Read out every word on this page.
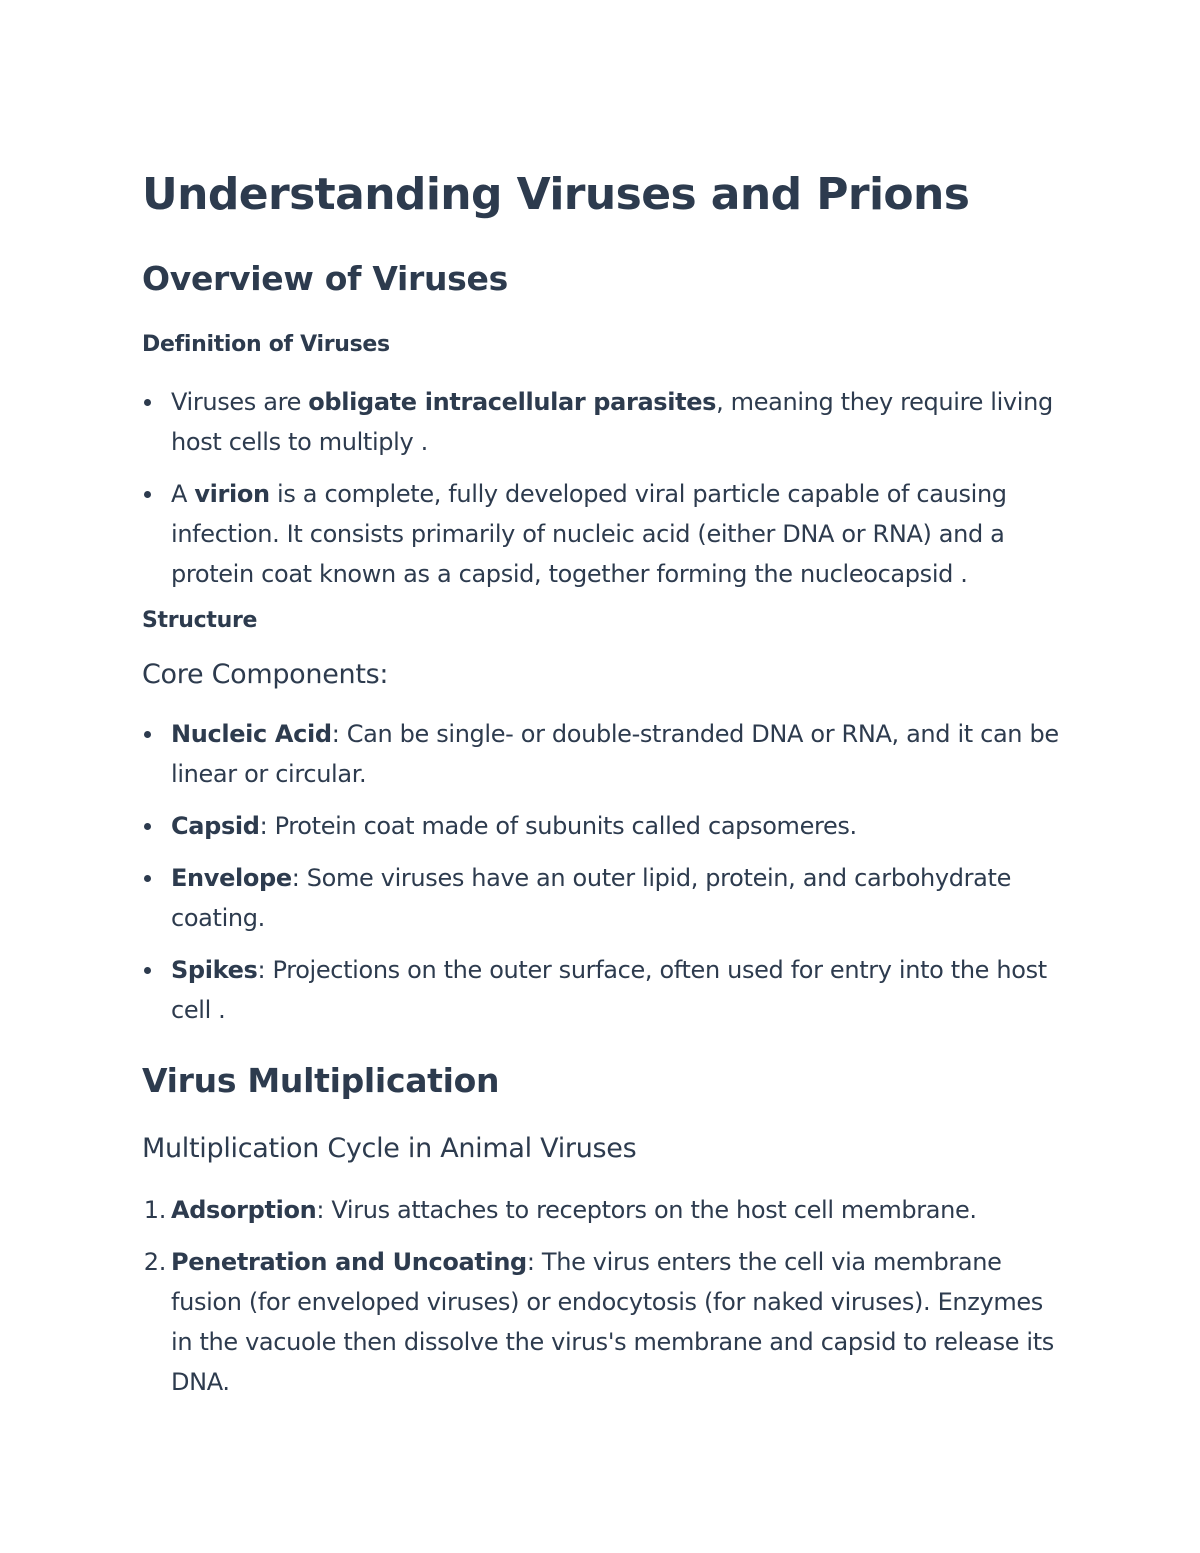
Understanding Viruses and Prions
Overview of Viruses
Definition of Viruses
Viruses are obligate intracellular parasites, meaning they require living host cells to multiply .
A virion is a complete, fully developed viral particle capable of causing infection. It consists primarily of nucleic acid (either DNA or RNA) and a protein coat known as a capsid, together forming the nucleocapsid .
Structure
Core Components:
Nucleic Acid: Can be single- or double-stranded DNA or RNA, and it can be linear or circular.
Capsid: Protein coat made of subunits called capsomeres.
Envelope: Some viruses have an outer lipid, protein, and carbohydrate coating.
Spikes: Projections on the outer surface, often used for entry into the host cell .
Virus Multiplication
Multiplication Cycle in Animal Viruses
1. Adsorption: Virus attaches to receptors on the host cell membrane.
2. Penetration and Uncoating: The virus enters the cell via membrane fusion (for enveloped viruses) or endocytosis (for naked viruses). Enzymes in the vacuole then dissolve the virus's membrane and capsid to release its DNA.
